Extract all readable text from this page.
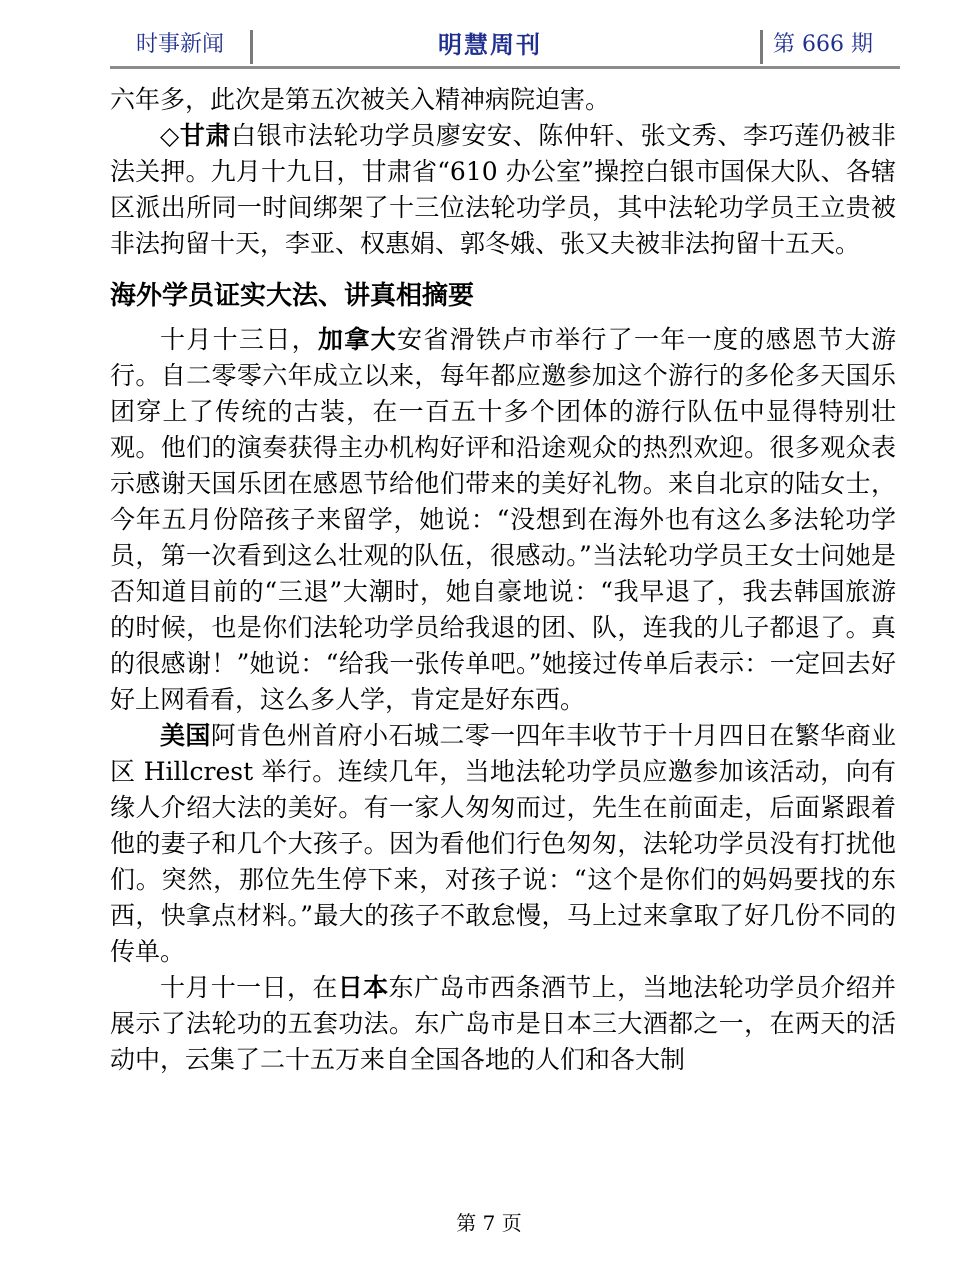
时事新闻	明慧周刊	第 666 期

六年多，此次是第五次被关入精神病院迫害。

◇甘肃白银市法轮功学员廖安安、陈仲轩、张文秀、李巧莲仍被非法关押。九月十九日，甘肃省“610 办公室”操控白银市国保大队、各辖区派出所同一时间绑架了十三位法轮功学员，其中法轮功学员王立贵被非法拘留十天，李亚、权惠娟、郭冬娥、张又夫被非法拘留十五天。

海外学员证实大法、讲真相摘要

十月十三日，加拿大安省滑铁卢市举行了一年一度的感恩节大游行。自二零零六年成立以来，每年都应邀参加这个游行的多伦多天国乐团穿上了传统的古装，在一百五十多个团体的游行队伍中显得特别壮观。他们的演奏获得主办机构好评和沿途观众的热烈欢迎。很多观众表示感谢天国乐团在感恩节给他们带来的美好礼物。来自北京的陆女士，今年五月份陪孩子来留学，她说：“没想到在海外也有这么多法轮功学员，第一次看到这么壮观的队伍，很感动。”当法轮功学员王女士问她是否知道目前的“三退”大潮时，她自豪地说：“我早退了，我去韩国旅游的时候，也是你们法轮功学员给我退的团、队，连我的儿子都退了。真的很感谢！”她说：“给我一张传单吧。”她接过传单后表示：一定回去好好上网看看，这么多人学，肯定是好东西。

美国阿肯色州首府小石城二零一四年丰收节于十月四日在繁华商业区 Hillcrest 举行。连续几年，当地法轮功学员应邀参加该活动，向有缘人介绍大法的美好。有一家人匆匆而过，先生在前面走，后面紧跟着他的妻子和几个大孩子。因为看他们行色匆匆，法轮功学员没有打扰他们。突然，那位先生停下来，对孩子说：“这个是你们的妈妈要找的东西，快拿点材料。”最大的孩子不敢怠慢，马上过来拿取了好几份不同的传单。

十月十一日，在日本东广岛市西条酒节上，当地法轮功学员介绍并展示了法轮功的五套功法。东广岛市是日本三大酒都之一，在两天的活动中，云集了二十五万来自全国各地的人们和各大制

第 7 页
